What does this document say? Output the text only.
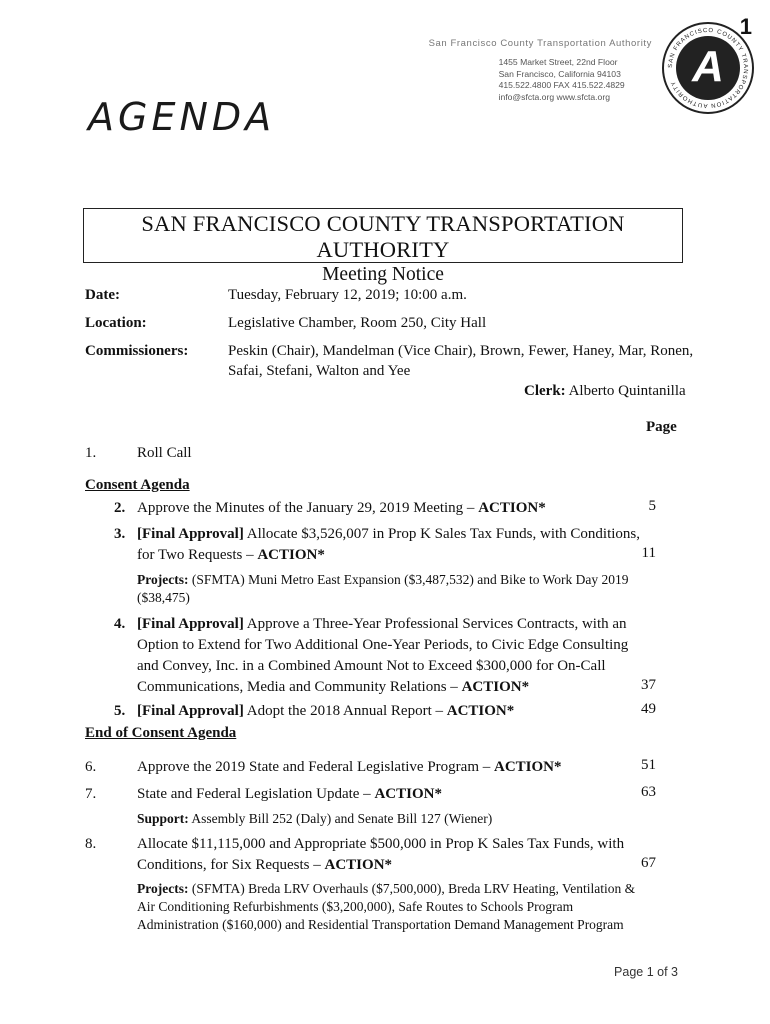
1
San Francisco County Transportation Authority
1455 Market Street, 22nd Floor
San Francisco, California 94103
415.522.4800 FAX 415.522.4829
info@sfcta.org www.sfcta.org
SAN FRANCISCO COUNTY TRANSPORTATION AUTHORITY A
AGENDA
SAN FRANCISCO COUNTY TRANSPORTATION AUTHORITY
Meeting Notice
Date:	Tuesday, February 12, 2019; 10:00 a.m.
Location:	Legislative Chamber, Room 250, City Hall
Commissioners:	Peskin (Chair), Mandelman (Vice Chair), Brown, Fewer, Haney, Mar, Ronen,
Safai, Stefani, Walton and Yee
Clerk: Alberto Quintanilla
Page
1.	Roll Call
Consent Agenda
2. Approve the Minutes of the January 29, 2019 Meeting – ACTION*	5
3. [Final Approval] Allocate $3,526,007 in Prop K Sales Tax Funds, with Conditions,
for Two Requests – ACTION*	11
Projects: (SFMTA) Muni Metro East Expansion ($3,487,532) and Bike to Work Day 2019
($38,475)
4. [Final Approval] Approve a Three-Year Professional Services Contracts, with an
Option to Extend for Two Additional One-Year Periods, to Civic Edge Consulting
and Convey, Inc. in a Combined Amount Not to Exceed $300,000 for On-Call
Communications, Media and Community Relations – ACTION*	37
5. [Final Approval] Adopt the 2018 Annual Report – ACTION*	49
End of Consent Agenda
6.	Approve the 2019 State and Federal Legislative Program – ACTION*	51
7.	State and Federal Legislation Update – ACTION*	63
Support: Assembly Bill 252 (Daly) and Senate Bill 127 (Wiener)
8.	Allocate $11,115,000 and Appropriate $500,000 in Prop K Sales Tax Funds, with
Conditions, for Six Requests – ACTION*	67
Projects: (SFMTA) Breda LRV Overhauls ($7,500,000), Breda LRV Heating, Ventilation &
Air Conditioning Refurbishments ($3,200,000), Safe Routes to Schools Program
Administration ($160,000) and Residential Transportation Demand Management Program
Page 1 of 3
